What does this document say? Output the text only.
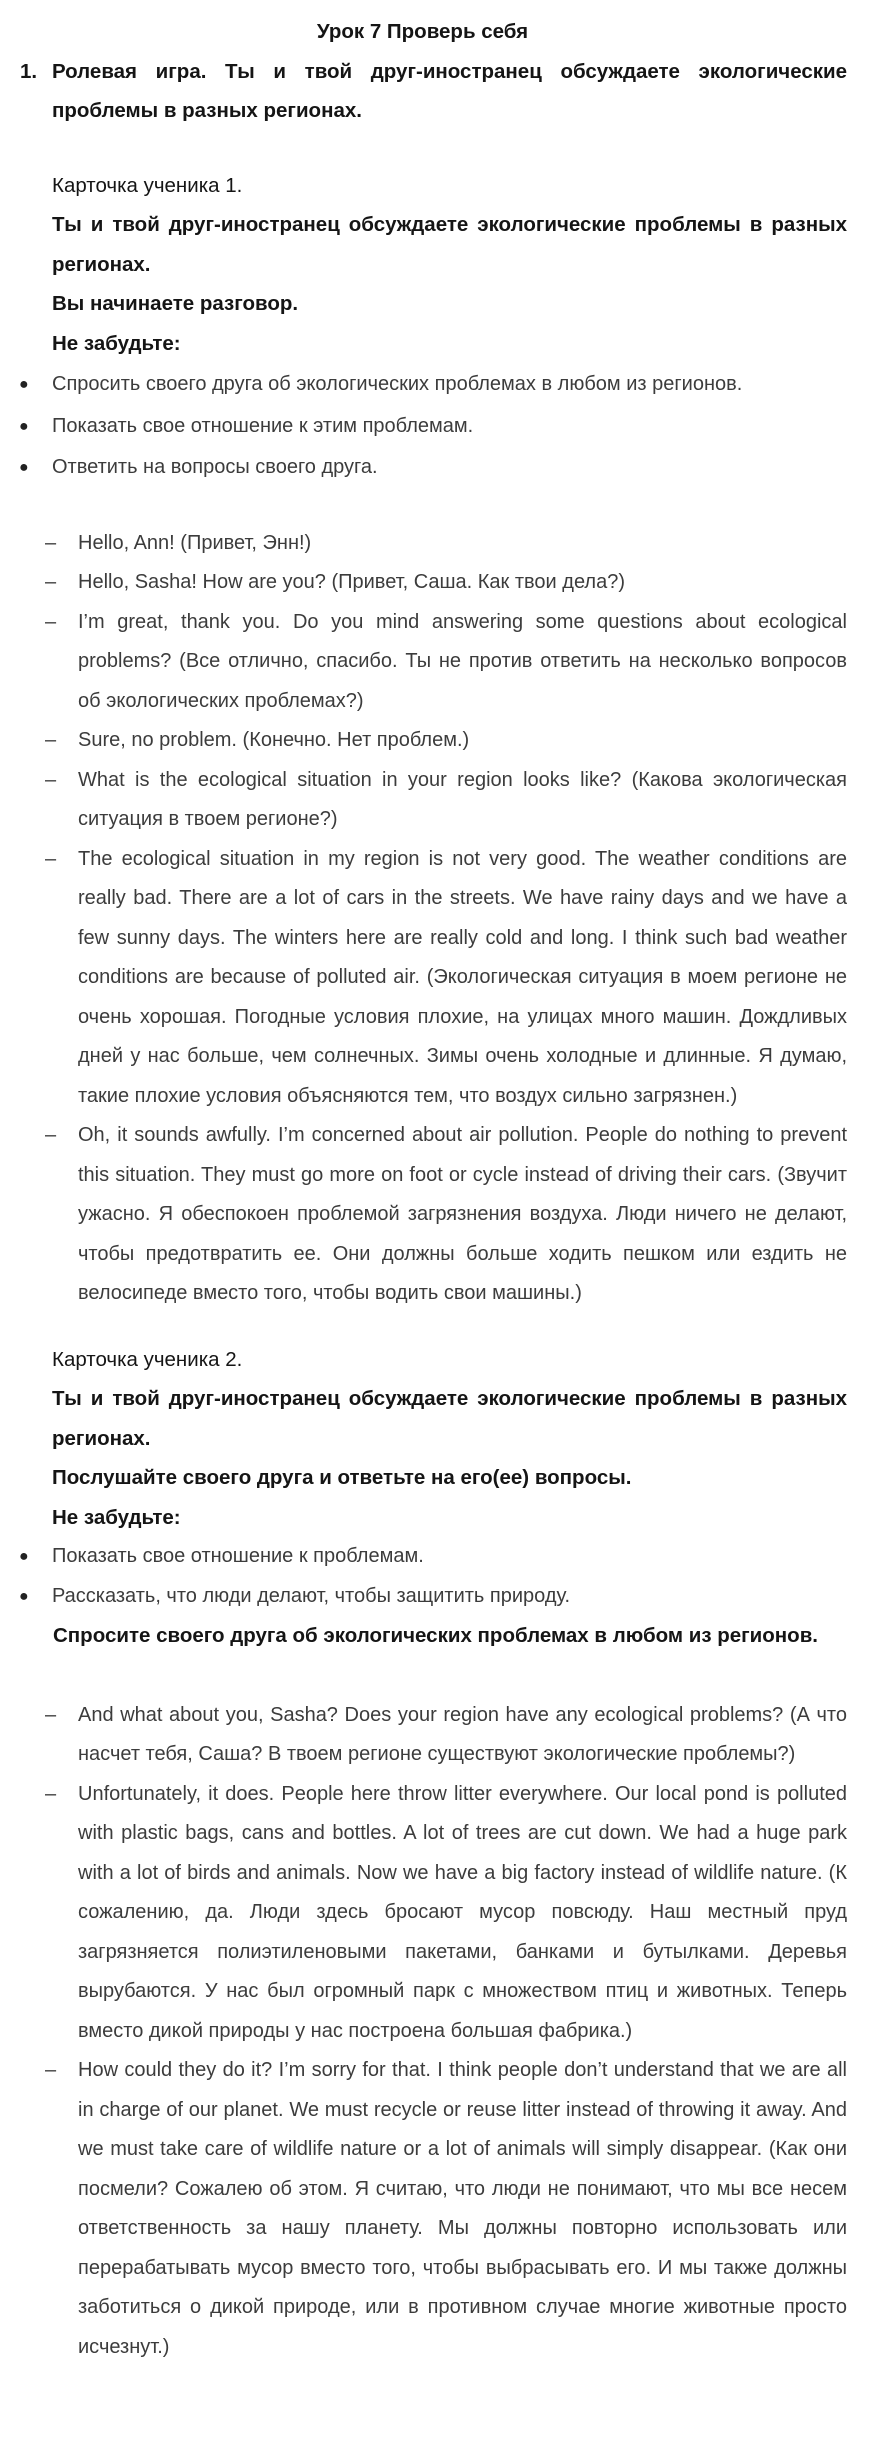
Урок 7 Проверь себя
1. Ролевая игра. Ты и твой друг-иностранец обсуждаете экологические проблемы в разных регионах.
Карточка ученика 1.
Ты и твой друг-иностранец обсуждаете экологические проблемы в разных регионах.
Вы начинаете разговор.
Не забудьте:
● Спросить своего друга об экологических проблемах в любом из регионов.
● Показать свое отношение к этим проблемам.
● Ответить на вопросы своего друга.
– Hello, Ann! (Привет, Энн!)
– Hello, Sasha! How are you? (Привет, Саша. Как твои дела?)
– I’m great, thank you. Do you mind answering some questions about ecological problems? (Все отлично, спасибо. Ты не против ответить на несколько вопросов об экологических проблемах?)
– Sure, no problem. (Конечно. Нет проблем.)
– What is the ecological situation in your region looks like? (Какова экологическая ситуация в твоем регионе?)
– The ecological situation in my region is not very good. The weather conditions are really bad. There are a lot of cars in the streets. We have rainy days and we have a few sunny days. The winters here are really cold and long. I think such bad weather conditions are because of polluted air. (Экологическая ситуация в моем регионе не очень хорошая. Погодные условия плохие, на улицах много машин. Дождливых дней у нас больше, чем солнечных. Зимы очень холодные и длинные. Я думаю, такие плохие условия объясняются тем, что воздух сильно загрязнен.)
– Oh, it sounds awfully. I’m concerned about air pollution. People do nothing to prevent this situation. They must go more on foot or cycle instead of driving their cars. (Звучит ужасно. Я обеспокоен проблемой загрязнения воздуха. Люди ничего не делают, чтобы предотвратить ее. Они должны больше ходить пешком или ездить не велосипеде вместо того, чтобы водить свои машины.)
Карточка ученика 2.
Ты и твой друг-иностранец обсуждаете экологические проблемы в разных регионах.
Послушайте своего друга и ответьте на его(ее) вопросы.
Не забудьте:
● Показать свое отношение к проблемам.
● Рассказать, что люди делают, чтобы защитить природу.
Спросите своего друга об экологических проблемах в любом из регионов.
– And what about you, Sasha? Does your region have any ecological problems? (А что насчет тебя, Саша? В твоем регионе существуют экологические проблемы?)
– Unfortunately, it does. People here throw litter everywhere. Our local pond is polluted with plastic bags, cans and bottles. A lot of trees are cut down. We had a huge park with a lot of birds and animals. Now we have a big factory instead of wildlife nature. (К сожалению, да. Люди здесь бросают мусор повсюду. Наш местный пруд загрязняется полиэтиленовыми пакетами, банками и бутылками. Деревья вырубаются. У нас был огромный парк с множеством птиц и животных. Теперь вместо дикой природы у нас построена большая фабрика.)
– How could they do it? I’m sorry for that. I think people don’t understand that we are all in charge of our planet. We must recycle or reuse litter instead of throwing it away. And we must take care of wildlife nature or a lot of animals will simply disappear. (Как они посмели? Сожалею об этом. Я считаю, что люди не понимают, что мы все несем ответственность за нашу планету. Мы должны повторно использовать или перерабатывать мусор вместо того, чтобы выбрасывать его. И мы также должны заботиться о дикой природе, или в противном случае многие животные просто исчезнут.)
